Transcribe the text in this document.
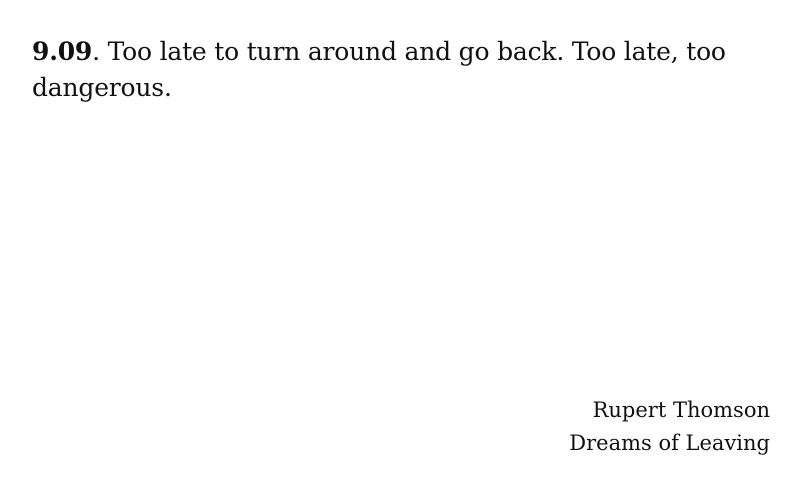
9.09. Too late to turn around and go back. Too late, too dangerous.

Rupert Thomson
Dreams of Leaving
